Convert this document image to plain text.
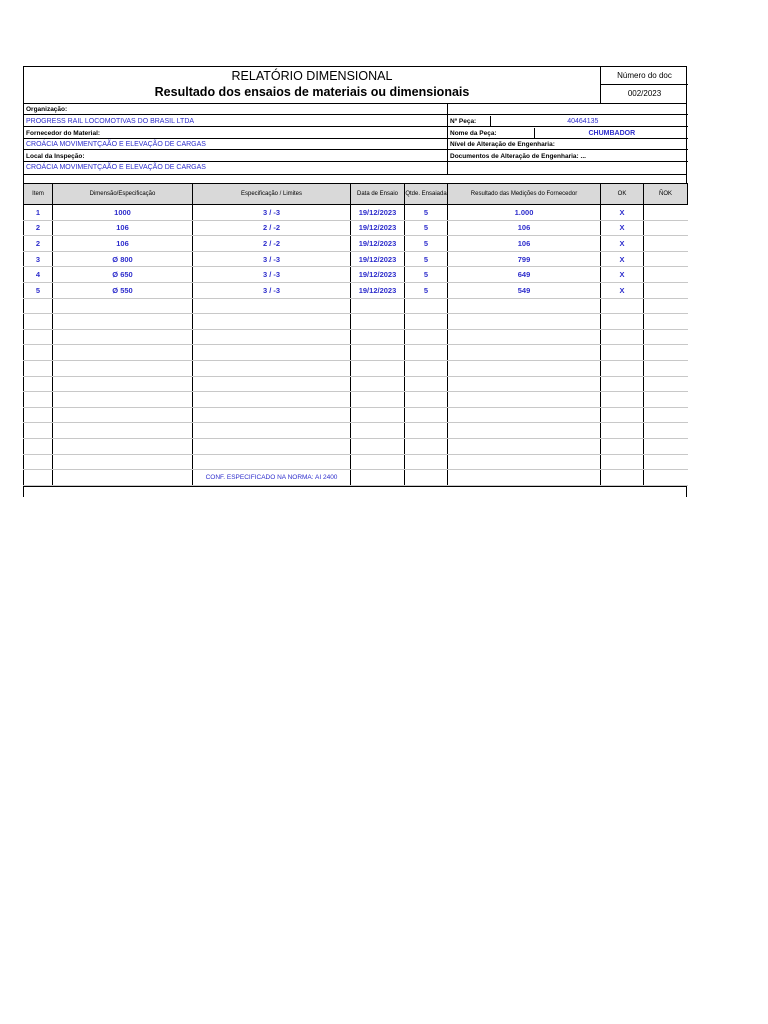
RELATÓRIO DIMENSIONAL
Resultado dos ensaios de materiais ou dimensionais
Número do doc
002/2023
Organização:
PROGRESS RAIL LOCOMOTIVAS DO BRASIL LTDA
Fornecedor do Material:
CROÁCIA MOVIMENTÇAÃO E ELEVAÇÃO DE CARGAS
Local da Inspeção:
CROÁCIA MOVIMENTÇAÃO E ELEVAÇÃO DE CARGAS
Nº Peça:	40464135
Nome da Peça:	CHUMBADOR
Nível de Alteração de Engenharia:
Documentos de Alteração de Engenharia: ...
Item	Dimensão/Especificação	Especificação / Limites	Data de Ensaio	Qtde. Ensaiada	Resultado das Medições do Fornecedor	OK	ÑOK
1	1000	3 / -3	19/12/2023	5	1.000	X	
2	106	2 / -2	19/12/2023	5	106	X	
2	106	2 / -2	19/12/2023	5	106	X	
3	Ø 800	3 / -3	19/12/2023	5	799	X	
4	Ø 650	3 / -3	19/12/2023	5	649	X	
5	Ø 550	3 / -3	19/12/2023	5	549	X	

		CONF. ESPECIFICADO NA NORMA: AI 2400					
